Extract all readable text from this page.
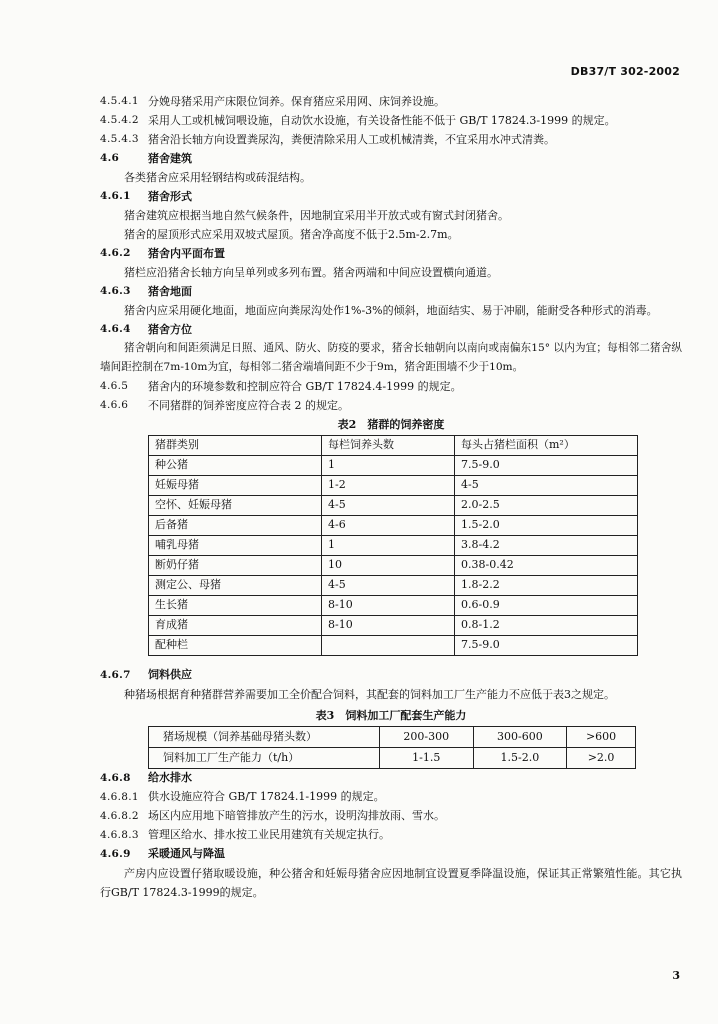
DB37/T 302-2002
4.5.4.1 分娩母猪采用产床限位饲养。保育猪应采用网、床饲养设施。
4.5.4.2 采用人工或机械饲喂设施，自动饮水设施，有关设备性能不低于 GB/T 17824.3-1999 的规定。
4.5.4.3 猪舍沿长轴方向设置粪尿沟，粪便清除采用人工或机械清粪，不宜采用水冲式清粪。
4.6	猪舍建筑
各类猪舍应采用轻钢结构或砖混结构。
4.6.1	猪舍形式
猪舍建筑应根据当地自然气候条件，因地制宜采用半开放式或有窗式封闭猪舍。
猪舍的屋顶形式应采用双坡式屋顶。猪舍净高度不低于2.5m-2.7m。
4.6.2	猪舍内平面布置
猪栏应沿猪舍长轴方向呈单列或多列布置。猪舍两端和中间应设置横向通道。
4.6.3	猪舍地面

猪舍内应采用硬化地面，地面应向粪尿沟处作1%-3%的倾斜，地面结实、易于冲刷，能耐受各种形式的消毒。

4.6.4	猪舍方位

猪舍朝向和间距须满足日照、通风、防火、防疫的要求，猪舍长轴朝向以南向或南偏东15° 以内为宜；每相邻二猪舍纵墙间距控制在7m-10m为宜，每相邻二猪舍端墙间距不少于9m，猪舍距围墙不少于10m。

4.6.5	猪舍内的环境参数和控制应符合 GB/T 17824.4-1999 的规定。
4.6.6	不同猪群的饲养密度应符合表 2 的规定。
表2　猪群的饲养密度
猪群类别	每栏饲养头数	每头占猪栏面积（m²）
种公猪	1	7.5-9.0
妊娠母猪	1-2	4-5
空怀、妊娠母猪	4-5	2.0-2.5
后备猪	4-6	1.5-2.0
哺乳母猪	1	3.8-4.2
断奶仔猪	10	0.38-0.42
测定公、母猪	4-5	1.8-2.2
生长猪	8-10	0.6-0.9
育成猪	8-10	0.8-1.2
配种栏		7.5-9.0
4.6.7	饲料供应

种猪场根据育种猪群营养需要加工全价配合饲料，其配套的饲料加工厂生产能力不应低于表3之规定。

表3　饲料加工厂配套生产能力
猪场规模（饲养基础母猪头数）	200-300	300-600	>600
饲料加工厂生产能力（t/h）	1-1.5	1.5-2.0	>2.0
4.6.8	给水排水
4.6.8.1 供水设施应符合 GB/T 17824.1-1999 的规定。
4.6.8.2 场区内应用地下暗管排放产生的污水，设明沟排放雨、雪水。
4.6.8.3 管理区给水、排水按工业民用建筑有关规定执行。
4.6.9	采暖通风与降温

产房内应设置仔猪取暖设施，种公猪舍和妊娠母猪舍应因地制宜设置夏季降温设施，保证其正常繁殖性能。其它执行GB/T 17824.3-1999的规定。

3
